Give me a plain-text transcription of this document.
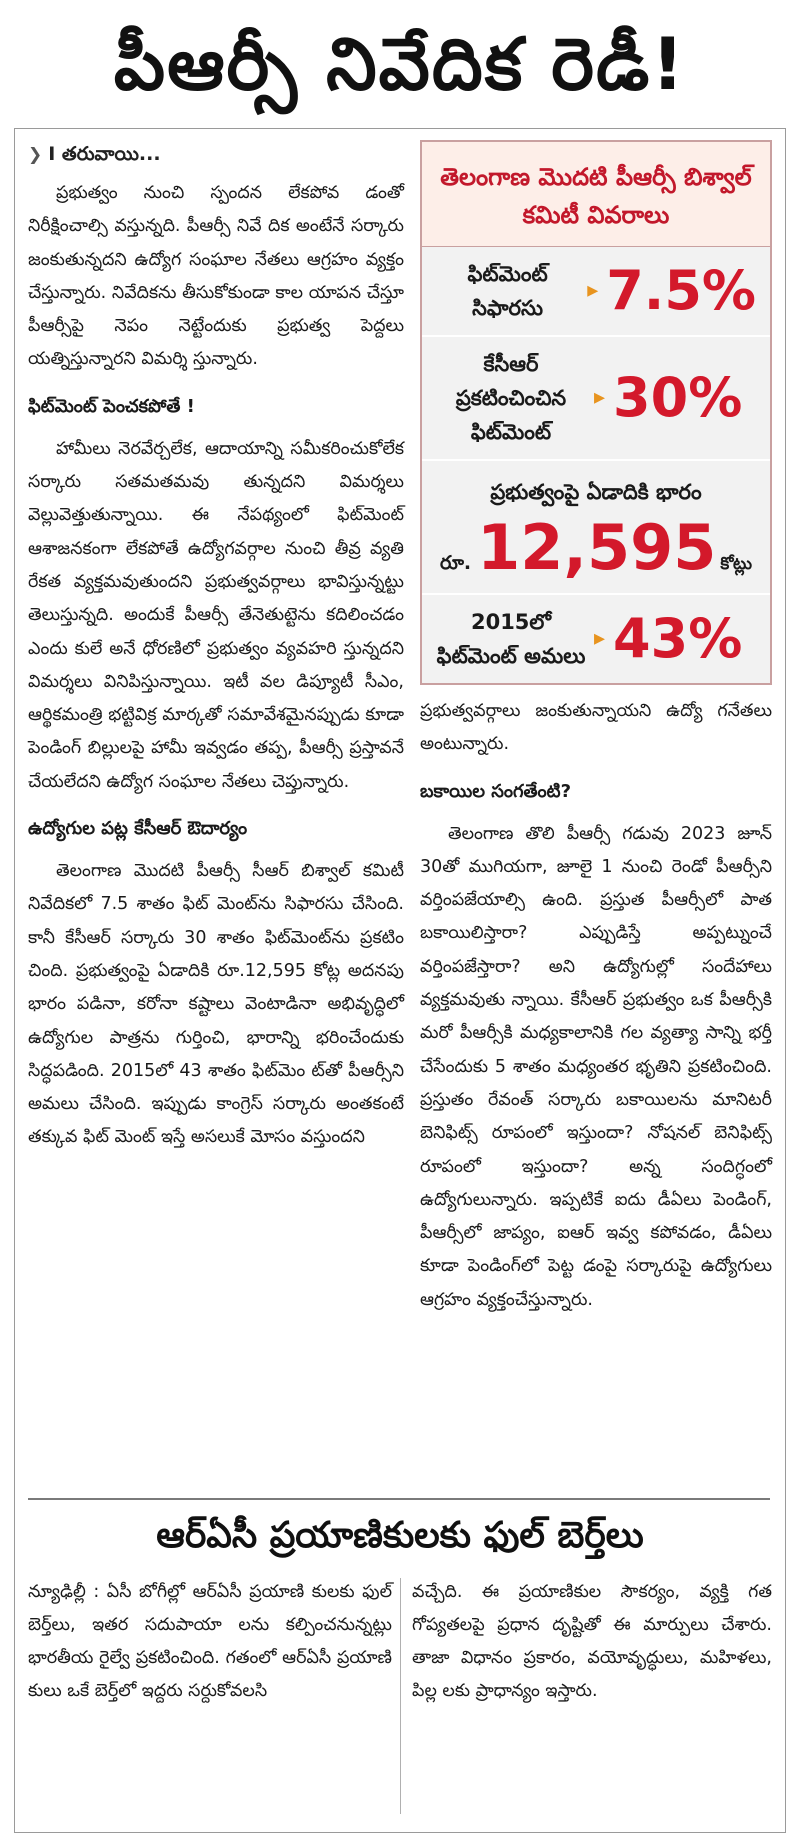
పీఆర్సీ నివేదిక రెడీ!
❯ I తరువాయి...

ప్రభుత్వం నుంచి స్పందన లేకపోవ డంతో నిరీక్షించాల్సి వస్తున్నది. పీఆర్సీ నివే దిక అంటేనే సర్కారు జంకుతున్నదని ఉద్యోగ సంఘాల నేతలు ఆగ్రహం వ్యక్తం చేస్తున్నారు. నివేదికను తీసుకోకుండా కాల యాపన చేస్తూ పీఆర్సీపై నెపం నెట్టేందుకు ప్రభుత్వ పెద్దలు యత్నిస్తున్నారని విమర్శి స్తున్నారు.

ఫిట్‌మెంట్ పెంచకపోతే !

హామీలు నెరవేర్చలేక, ఆదాయాన్ని సమీకరించుకోలేక సర్కారు సతమతమవు తున్నదని విమర్శలు వెల్లువెత్తుతున్నాయి. ఈ నేపథ్యంలో ఫిట్‌మెంట్ ఆశాజనకంగా లేకపోతే ఉద్యోగవర్గాల నుంచి తీవ్ర వ్యతి రేకత వ్యక్తమవుతుందని ప్రభుత్వవర్గాలు భావిస్తున్నట్టు తెలుస్తున్నది. అందుకే పీఆర్సీ తేనెతుట్టెను కదిలించడం ఎందు కులే అనే ధోరణిలో ప్రభుత్వం వ్యవహరి స్తున్నదని విమర్శలు వినిపిస్తున్నాయి. ఇటీ వల డిప్యూటీ సీఎం, ఆర్థికమంత్రి భట్టివిక్ర మార్కతో సమావేశమైనప్పుడు కూడా పెండింగ్ బిల్లులపై హామీ ఇవ్వడం తప్ప, పీఆర్సీ ప్రస్తావనే చేయలేదని ఉద్యోగ సంఘాల నేతలు చెప్తున్నారు.

ఉద్యోగుల పట్ల కేసీఆర్ ఔదార్యం

తెలంగాణ మొదటి పీఆర్సీ సీఆర్ బిశ్వాల్ కమిటీ నివేదికలో 7.5 శాతం ఫిట్ మెంట్‌ను సిఫారసు చేసింది. కానీ కేసీఆర్ సర్కారు 30 శాతం ఫిట్‌మెంట్‌ను ప్రకటిం చింది. ప్రభుత్వంపై ఏడాదికి రూ.12,595 కోట్ల అదనపు భారం పడినా, కరోనా కష్టాలు వెంటాడినా అభివృద్ధిలో ఉద్యోగుల పాత్రను గుర్తించి, భారాన్ని భరించేందుకు సిద్ధపడింది. 2015లో 43 శాతం ఫిట్‌మెం ట్‌తో పీఆర్సీని అమలు చేసింది. ఇప్పుడు కాంగ్రెస్ సర్కారు అంతకంటే తక్కువ ఫిట్ మెంట్ ఇస్తే అసలుకే మోసం వస్తుందని

తెలంగాణ మొదటి పీఆర్సీ బిశ్వాల్ కమిటీ వివరాలు
ఫిట్‌మెంట్ సిఫారసు
▸ 7.5%
కేసీఆర్ ప్రకటించించిన ఫిట్‌మెంట్
▸ 30%
ప్రభుత్వంపై ఏడాదికి భారం
రూ. 12,595 కోట్లు
2015లో ఫిట్‌మెంట్ అమలు
▸ 43%

ప్రభుత్వవర్గాలు జంకుతున్నాయని ఉద్యో గనేతలు అంటున్నారు.

బకాయిల సంగతేంటి?

తెలంగాణ తొలి పీఆర్సీ గడువు 2023 జూన్ 30తో ముగియగా, జూలై 1 నుంచి రెండో పీఆర్సీని వర్తింపజేయాల్సి ఉంది. ప్రస్తుత పీఆర్సీలో పాత బకాయిలిస్తారా? ఎప్పుడిస్తే అప్పట్నుంచే వర్తింపజేస్తారా? అని ఉద్యోగుల్లో సందేహాలు వ్యక్తమవుతు న్నాయి. కేసీఆర్ ప్రభుత్వం ఒక పీఆర్సీకి మరో పీఆర్సీకి మధ్యకాలానికి గల వ్యత్యా సాన్ని భర్తీ చేసేందుకు 5 శాతం మధ్యంతర భృతిని ప్రకటించింది. ప్రస్తుతం రేవంత్ సర్కారు బకాయిలను మానిటరీ బెనిఫిట్స్ రూపంలో ఇస్తుందా? నోషనల్ బెనిఫిట్స్ రూపంలో ఇస్తుందా? అన్న సందిగ్ధంలో ఉద్యోగులున్నారు. ఇప్పటికే ఐదు డీఏలు పెండింగ్, పీఆర్సీలో జాప్యం, ఐఆర్ ఇవ్వ కపోవడం, డీఏలు కూడా పెండింగ్‌లో పెట్ట డంపై సర్కారుపై ఉద్యోగులు ఆగ్రహం వ్యక్తంచేస్తున్నారు.

ఆర్ఏసీ ప్రయాణికులకు ఫుల్ బెర్త్‌లు
న్యూఢిల్లీ : ఏసీ బోగీల్లో ఆర్ఏసీ ప్రయాణి కులకు ఫుల్ బెర్త్‌లు, ఇతర సదుపాయా లను కల్పించనున్నట్లు భారతీయ రైల్వే ప్రకటించింది. గతంలో ఆర్ఏసీ ప్రయాణి కులు ఒకే బెర్త్‌లో ఇద్దరు సర్దుకోవలసి
వచ్చేది. ఈ ప్రయాణికుల సౌకర్యం, వ్యక్తి గత గోప్యతలపై ప్రధాన దృష్టితో ఈ మార్పులు చేశారు. తాజా విధానం ప్రకారం, వయోవృద్ధులు, మహిళలు, పిల్ల లకు ప్రాధాన్యం ఇస్తారు.
